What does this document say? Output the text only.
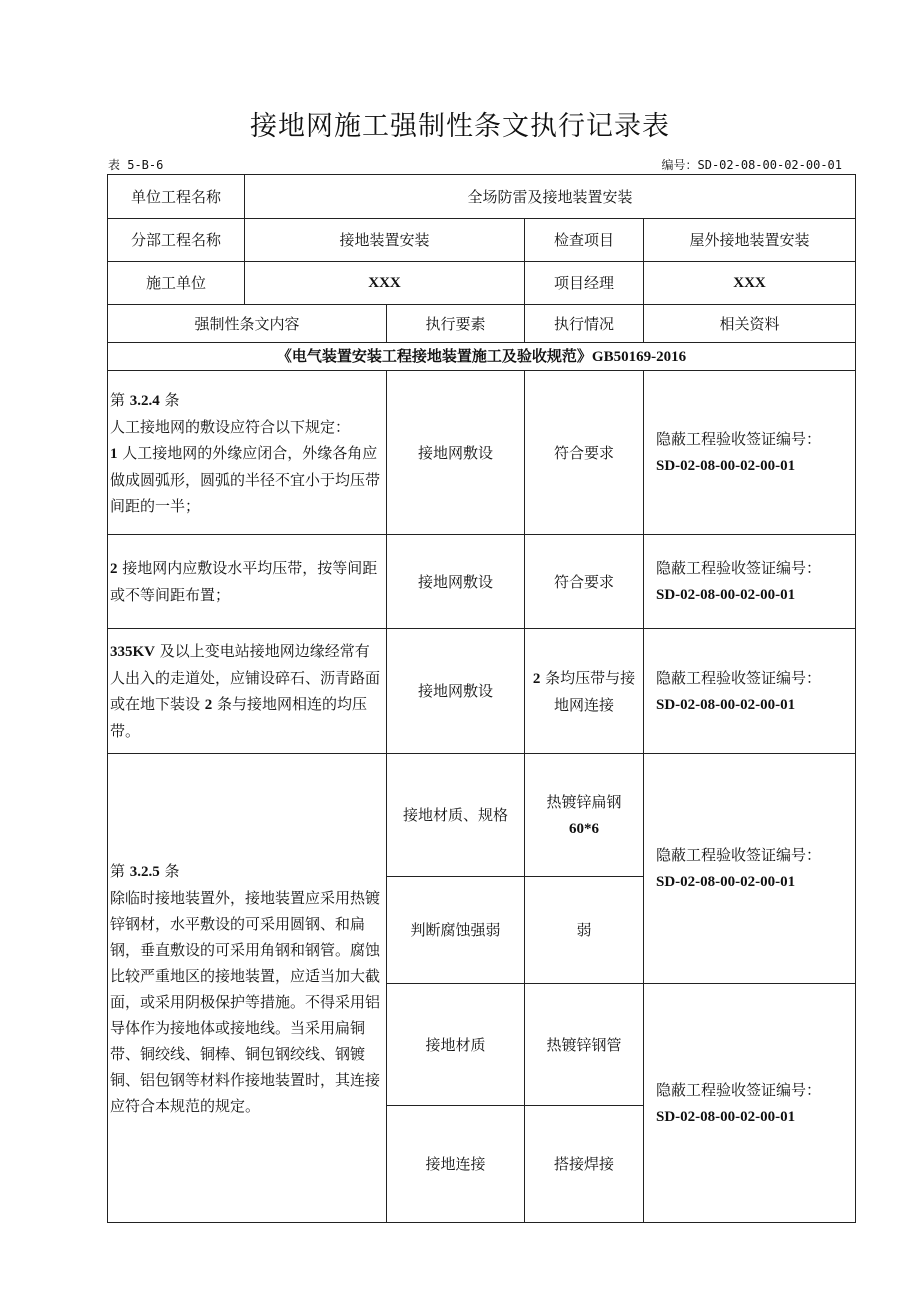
接地网施工强制性条文执行记录表
表 5-B-6	编号：SD-02-08-00-02-00-01
单位工程名称	全场防雷及接地装置安装			
分部工程名称	接地装置安装		检查项目	屋外接地装置安装
施工单位	XXX		项目经理	XXX
强制性条文内容		执行要素	执行情况	相关资料
《电气装置安装工程接地装置施工及验收规范》GB50169-2016				
第 3.2.4 条
人工接地网的敷设应符合以下规定：
1 人工接地网的外缘应闭合，外缘各角应做成圆弧形，圆弧的半径不宜小于均压带间距的一半；		接地网敷设	符合要求	隐蔽工程验收签证编号：
SD-02-08-00-02-00-01
2 接地网内应敷设水平均压带，按等间距或不等间距布置；		接地网敷设	符合要求	隐蔽工程验收签证编号：
SD-02-08-00-02-00-01
335KV 及以上变电站接地网边缘经常有人出入的走道处，应铺设碎石、沥青路面或在地下装设 2 条与接地网相连的均压带。		接地网敷设	2 条均压带与接地网连接	隐蔽工程验收签证编号：
SD-02-08-00-02-00-01
第 3.2.5 条
除临时接地装置外，接地装置应采用热镀锌钢材，水平敷设的可采用圆钢、和扁钢，垂直敷设的可采用角钢和钢管。腐蚀比较严重地区的接地装置，应适当加大截面，或采用阴极保护等措施。不得采用铝导体作为接地体或接地线。当采用扁铜带、铜绞线、铜棒、铜包钢绞线、钢镀铜、铝包钢等材料作接地装置时，其连接应符合本规范的规定。		接地材质、规格	热镀锌扁钢
60*6	隐蔽工程验收签证编号：
SD-02-08-00-02-00-01
		判断腐蚀强弱	弱	
		接地材质	热镀锌钢管	隐蔽工程验收签证编号：
SD-02-08-00-02-00-01
		接地连接	搭接焊接	
